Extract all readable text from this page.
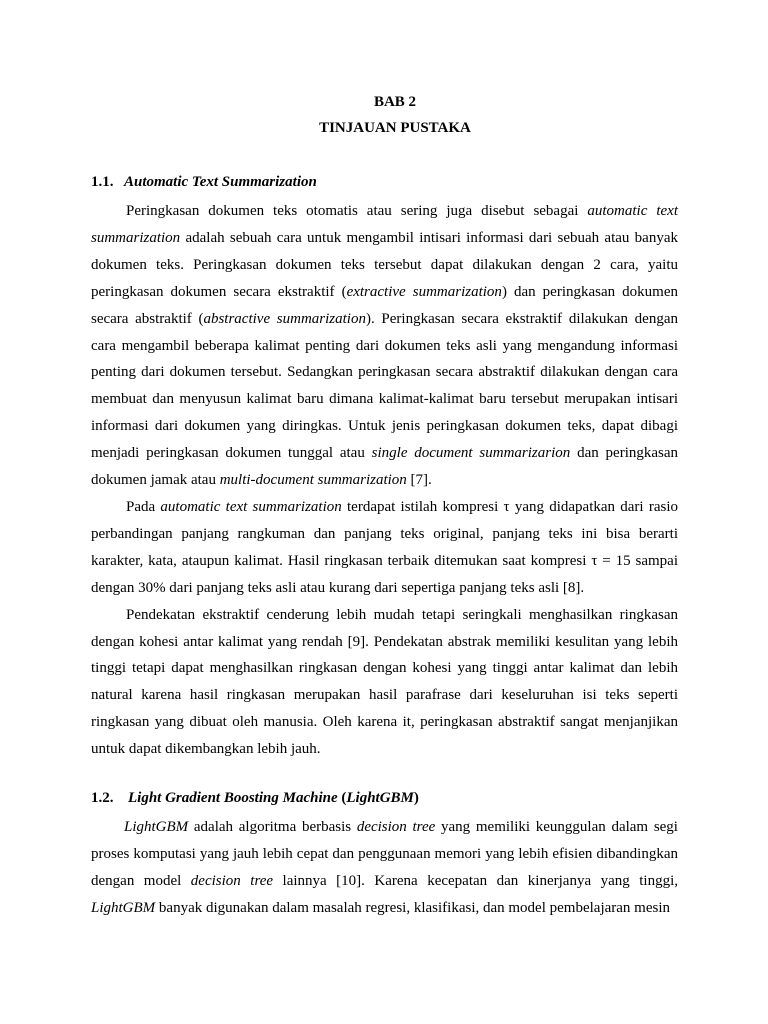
BAB 2
TINJAUAN PUSTAKA
1.1. Automatic Text Summarization

Peringkasan dokumen teks otomatis atau sering juga disebut sebagai automatic text summarization adalah sebuah cara untuk mengambil intisari informasi dari sebuah atau banyak dokumen teks. Peringkasan dokumen teks tersebut dapat dilakukan dengan 2 cara, yaitu peringkasan dokumen secara ekstraktif (extractive summarization) dan peringkasan dokumen secara abstraktif (abstractive summarization). Peringkasan secara ekstraktif dilakukan dengan cara mengambil beberapa kalimat penting dari dokumen teks asli yang mengandung informasi penting dari dokumen tersebut. Sedangkan peringkasan secara abstraktif dilakukan dengan cara membuat dan menyusun kalimat baru dimana kalimat-kalimat baru tersebut merupakan intisari informasi dari dokumen yang diringkas. Untuk jenis peringkasan dokumen teks, dapat dibagi menjadi peringkasan dokumen tunggal atau single document summarizarion dan peringkasan dokumen jamak atau multi-document summarization [7].

Pada automatic text summarization terdapat istilah kompresi τ yang didapatkan dari rasio perbandingan panjang rangkuman dan panjang teks original, panjang teks ini bisa berarti karakter, kata, ataupun kalimat. Hasil ringkasan terbaik ditemukan saat kompresi τ = 15 sampai dengan 30% dari panjang teks asli atau kurang dari sepertiga panjang teks asli [8].

Pendekatan ekstraktif cenderung lebih mudah tetapi seringkali menghasilkan ringkasan dengan kohesi antar kalimat yang rendah [9]. Pendekatan abstrak memiliki kesulitan yang lebih tinggi tetapi dapat menghasilkan ringkasan dengan kohesi yang tinggi antar kalimat dan lebih natural karena hasil ringkasan merupakan hasil parafrase dari keseluruhan isi teks seperti ringkasan yang dibuat oleh manusia. Oleh karena it, peringkasan abstraktif sangat menjanjikan untuk dapat dikembangkan lebih jauh.

1.2. Light Gradient Boosting Machine (LightGBM)

LightGBM adalah algoritma berbasis decision tree yang memiliki keunggulan dalam segi proses komputasi yang jauh lebih cepat dan penggunaan memori yang lebih efisien dibandingkan dengan model decision tree lainnya [10]. Karena kecepatan dan kinerjanya yang tinggi, LightGBM banyak digunakan dalam masalah regresi, klasifikasi, dan model pembelajaran mesin
